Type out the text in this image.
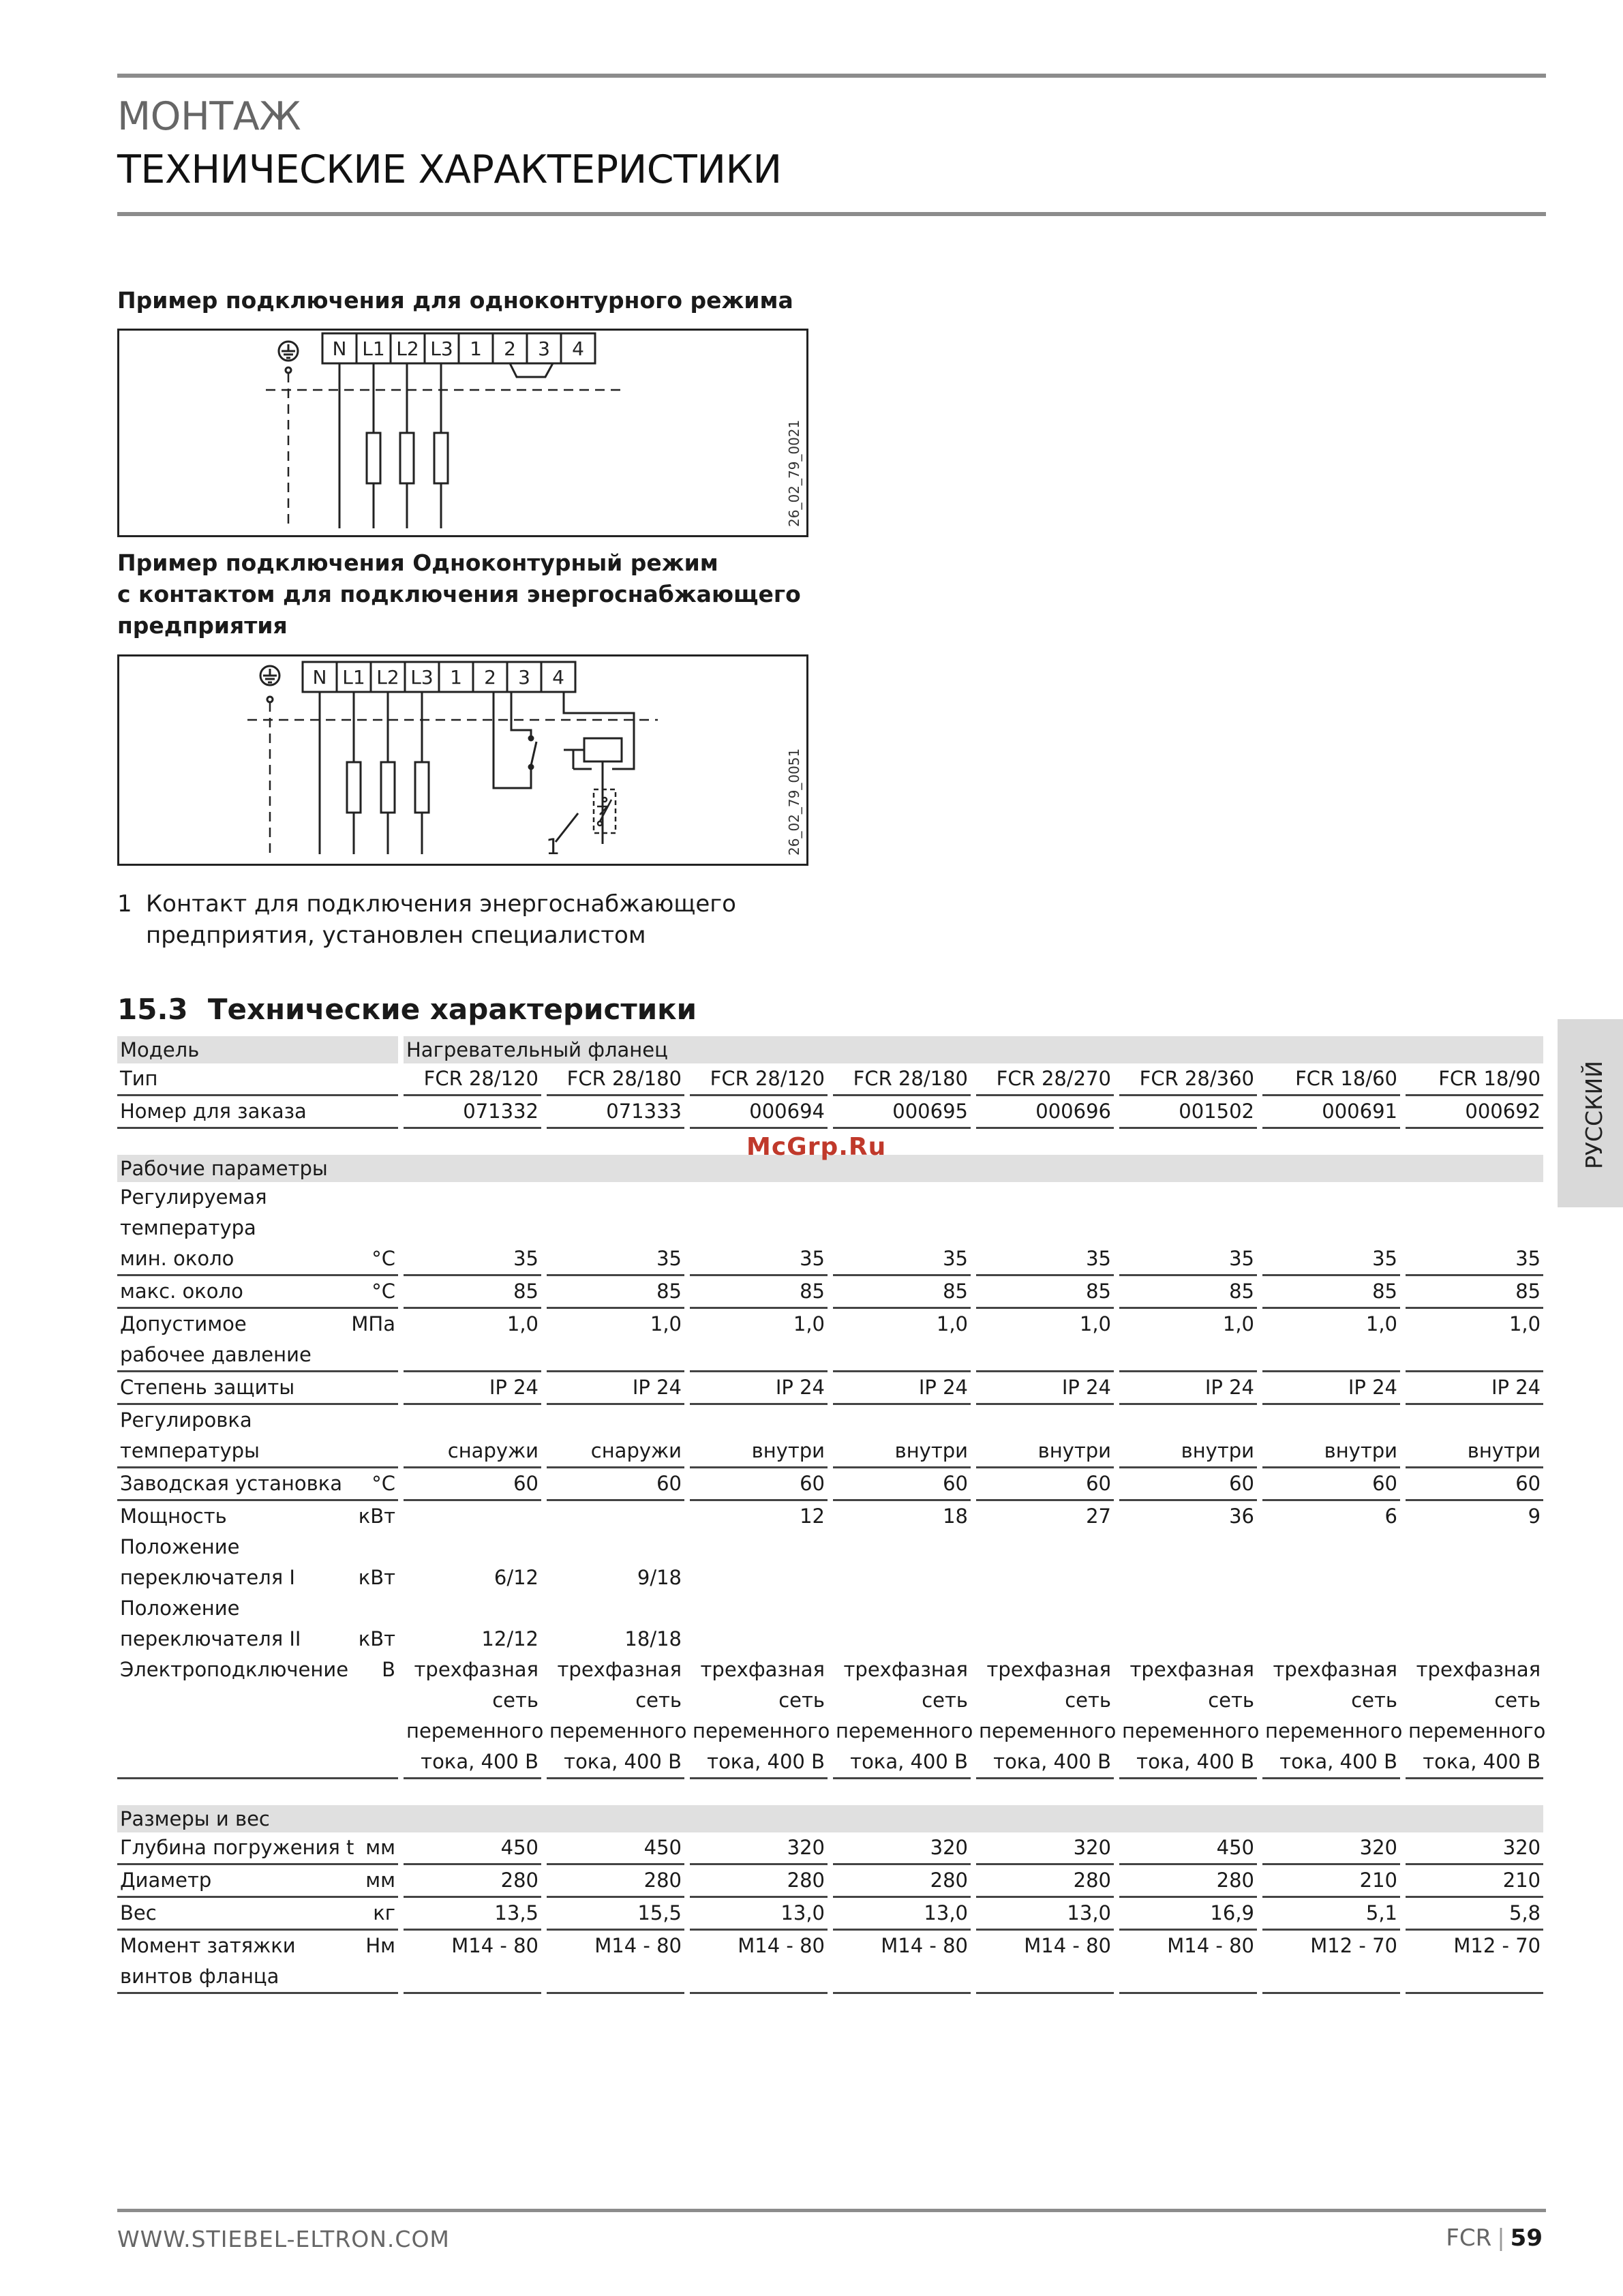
МОНТАЖ
ТЕХНИЧЕСКИЕ ХАРАКТЕРИСТИКИ
Пример подключения для одноконтурного режима
N L1 L2 L3 1 2 3 4
26_02_79_0021
Пример подключения Одноконтурный режим
с контактом для подключения энергоснабжающего
предприятия
N L1 L2 L3 1 2 3 4
1	26_02_79_0051
1 Контакт для подключения энергоснабжающего
предприятия, установлен специалистом
15.3 Технические характеристики
РУССКИЙ
Модель		Нагревательный фланец							
Тип		FCR 28/120	FCR 28/180	FCR 28/120	FCR 28/180	FCR 28/270	FCR 28/360	FCR 18/60	FCR 18/90
Номер для заказа		071332	071333	000694	000695	000696	001502	000691	000692

Рабочие параметры									
Регулируемая									
температура									
мин. около	°C	35	35	35	35	35	35	35	35
макс. около	°C	85	85	85	85	85	85	85	85
Допустимое	МПа	1,0	1,0	1,0	1,0	1,0	1,0	1,0	1,0
рабочее давление									
Степень защиты		IP 24	IP 24	IP 24	IP 24	IP 24	IP 24	IP 24	IP 24
Регулировка									
температуры		снаружи	снаружи	внутри	внутри	внутри	внутри	внутри	внутри
Заводская установка	°C	60	60	60	60	60	60	60	60
Мощность	кВт			12	18	27	36	6	9
Положение									
переключателя I	кВт	6/12	9/18						
Положение									
переключателя II	кВт	12/12	18/18						
Электроподключение	В	трехфазная	трехфазная	трехфазная	трехфазная	трехфазная	трехфазная	трехфазная	трехфазная
		сеть	сеть	сеть	сеть	сеть	сеть	сеть	сеть
		переменного	переменного	переменного	переменного	переменного	переменного	переменного	переменного
		тока, 400 В	тока, 400 В	тока, 400 В	тока, 400 В	тока, 400 В	тока, 400 В	тока, 400 В	тока, 400 В

Размеры и вес									
Глубина погружения t	мм	450	450	320	320	320	450	320	320
Диаметр	мм	280	280	280	280	280	280	210	210
Вес	кг	13,5	15,5	13,0	13,0	13,0	16,9	5,1	5,8
Момент затяжки	Нм	M14 - 80	M14 - 80	M14 - 80	M14 - 80	M14 - 80	M14 - 80	M12 - 70	M12 - 70
винтов фланца									
McGrp.Ru
WWW.STIEBEL-ELTRON.COM	FCR | 59
